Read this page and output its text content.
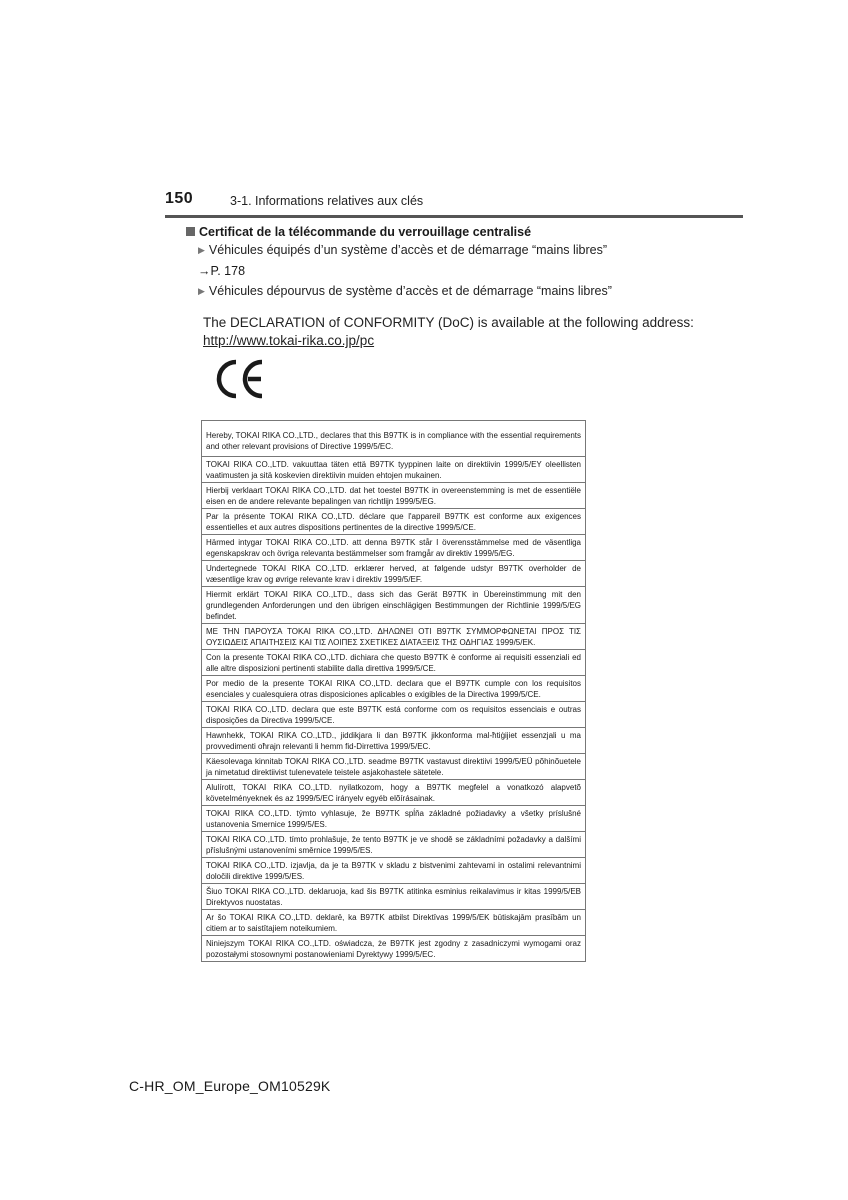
150	3-1. Informations relatives aux clés
Certificat de la télécommande du verrouillage centralisé
▶ Véhicules équipés d’un système d’accès et de démarrage “mains libres”
→P. 178
▶ Véhicules dépourvus de système d’accès et de démarrage “mains libres”
The DECLARATION of CONFORMITY (DoC) is available at the following address:
http://www.tokai-rika.co.jp/pc
Hereby, TOKAI RIKA CO.,LTD., declares that this B97TK is in compliance with the essential requirements and other relevant provisions of Directive 1999/5/EC.
TOKAI RIKA CO.,LTD. vakuuttaa täten että B97TK tyyppinen laite on direktiivin 1999/5/EY oleellisten vaatimusten ja sitä koskevien direktiivin muiden ehtojen mukainen.
Hierbij verklaart TOKAI RIKA CO.,LTD. dat het toestel B97TK in overeenstemming is met de essentiële eisen en de andere relevante bepalingen van richtlijn 1999/5/EG.
Par la présente TOKAI RIKA CO.,LTD. déclare que l'appareil B97TK est conforme aux exigences essentielles et aux autres dispositions pertinentes de la directive 1999/5/CE.
Härmed intygar TOKAI RIKA CO.,LTD. att denna B97TK står I överensstämmelse med de väsentliga egenskapskrav och övriga relevanta bestämmelser som framgår av direktiv 1999/5/EG.
Undertegnede TOKAI RIKA CO.,LTD. erklærer herved, at følgende udstyr B97TK overholder de væsentlige krav og øvrige relevante krav i direktiv 1999/5/EF.
Hiermit erklärt TOKAI RIKA CO.,LTD., dass sich das Gerät B97TK in Übereinstimmung mit den grundlegenden Anforderungen und den übrigen einschlägigen Bestimmungen der Richtlinie 1999/5/EG befindet.
ΜΕ ΤΗΝ ΠΑΡΟΥΣΑ TOKAI RIKA CO.,LTD. ΔΗΛΩΝΕΙ ΟΤΙ B97TK ΣΥΜΜΟΡΦΩΝΕΤΑΙ ΠΡΟΣ ΤΙΣ ΟΥΣΙΩΔΕΙΣ ΑΠΑΙΤΗΣΕΙΣ ΚΑΙ ΤΙΣ ΛΟΙΠΕΣ ΣΧΕΤΙΚΕΣ ΔΙΑΤΑΞΕΙΣ ΤΗΣ ΟΔΗΓΙΑΣ 1999/5/ΕΚ.
Con la presente TOKAI RIKA CO.,LTD. dichiara che questo B97TK è conforme ai requisiti essenziali ed alle altre disposizioni pertinenti stabilite dalla direttiva 1999/5/CE.
Por medio de la presente TOKAI RIKA CO.,LTD. declara que el B97TK cumple con los requisitos esenciales y cualesquiera otras disposiciones aplicables o exigibles de la Directiva 1999/5/CE.
TOKAI RIKA CO.,LTD. declara que este B97TK está conforme com os requisitos essenciais e outras disposições da Directiva 1999/5/CE.
Hawnhekk, TOKAI RIKA CO.,LTD., jiddikjara li dan B97TK jikkonforma mal-ħtiġijiet essenzjali u ma provvedimenti oħrajn relevanti li hemm fid-Dirrettiva 1999/5/EC.
Käesolevaga kinnitab TOKAI RIKA CO.,LTD. seadme B97TK vastavust direktiivi 1999/5/EÜ põhinõuetele ja nimetatud direktiivist tulenevatele teistele asjakohastele sätetele.
Alulírott, TOKAI RIKA CO.,LTD. nyilatkozom, hogy a B97TK megfelel a vonatkozó alapvetõ követelményeknek és az 1999/5/EC irányelv egyéb elõírásainak.
TOKAI RIKA CO.,LTD. týmto vyhlasuje, že B97TK spĺňa základné požiadavky a všetky príslušné ustanovenia Smernice 1999/5/ES.
TOKAI RIKA CO.,LTD. tímto prohlašuje, že tento B97TK je ve shodě se základními požadavky a dalšími příslušnými ustanoveními směrnice 1999/5/ES.
TOKAI RIKA CO.,LTD. izjavlja, da je ta B97TK v skladu z bistvenimi zahtevami in ostalimi relevantnimi določili direktive 1999/5/ES.
Šiuo TOKAI RIKA CO.,LTD. deklaruoja, kad šis B97TK atitinka esminius reikalavimus ir kitas 1999/5/EB Direktyvos nuostatas.
Ar šo TOKAI RIKA CO.,LTD. deklarē, ka B97TK atbilst Direktīvas 1999/5/EK būtiskajām prasībām un citiem ar to saistītajiem noteikumiem.
Niniejszym TOKAI RIKA CO.,LTD. oświadcza, że B97TK jest zgodny z zasadniczymi wymogami oraz pozostałymi stosownymi postanowieniami Dyrektywy 1999/5/EC.
C-HR_OM_Europe_OM10529K
